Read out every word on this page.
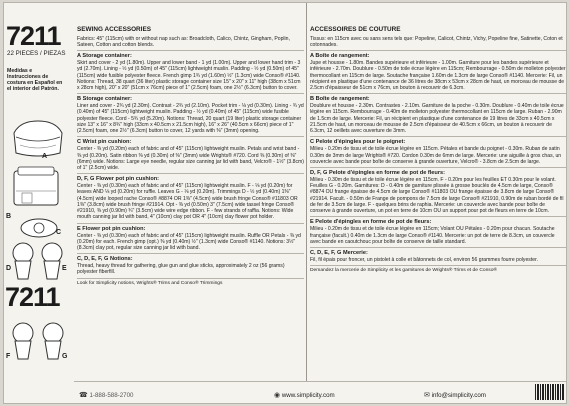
7211
22 PIECES / PIEZAS
Medidas e Instrucciones de costura en Español en el interior del Patrón.
A
B
C
D	E
7211
F	G
SEWING ACCESSORIES
Fabrics: 45" (115cm) with or without nap such as: Broadcloth, Calico, Chintz, Gingham, Poplin, Sateen, Cotton and cotton blends.
A Storage container:
Skirt and cover - 2 yd (1.80m). Upper and lower band - 1 yd (1.00m). Upper and lower hand trim - 3 yd (2.70m). Lining - ½ yd (0.50m) of 45" (115cm) lightweight muslin. Padding - ½ yd (0.50m) of 45" (115cm) wide fusible polyester fleece. French gimp 1¾ yd (1.60m) ½" (1.3cm) wide Conso® #1140. Notions: Thread, 38 quart (36 liter) plastic storage container size 15" x 20" x 11" high (38cm x 51cm x 28cm high), 20" x 20" (51cm x 76cm) piece of 1" (2.5cm) foam, one 2½" (6.3cm) button to cover.
B Storage container:
Liner and cover - 2¾ yd (2.30m). Contrast - 2¾ yd (2.10m). Pocket trim - ⅛ yd (0.30m). Lining - ¾ yd (0.40m) of 45" (115cm) lightweight muslin. Padding - ½ yd (0.40m) of 45" (115cm) wide fusible polyester fleece. Cord - 5¾ yd (5.20m). Notions: Thread, 20 quart (19 liter) plastic storage container size 13" x 16" x 8¾" high (33cm x 40.5cm x 21.5cm high), 16" x 26" (40.5cm x 66cm) piece of 1" (2.5cm) foam, one 2½" (6.3cm) button to cover, 12 yards with ⅜" (3mm) opening.
C Wrist pin cushion:
Center - ⅜ yd (0.20m) each of fabric and of 45" (115cm) lightweight muslin. Petals and wrist band - ⅜ yd (0.20m). Satin ribbon ⅜ yd (0.30m) of ⅜" (3mm) wide Wrights® #720. Cord ⅜ (0.30m) of ⅜" (6mm) wide. Notions: Large eye needle, regular size canning jar lid with band, Velcro® - 1½" (3.8cm) of 1" (2.5cm) wide.
D, F, G Flower pot pin cushion:
Center - ⅜ yd (0.30m) each of fabric and of 45" (115cm) lightweight muslin. F - ⅛ yd (0.20m) for leaves AND ⅛ yd (0.20m) for ruffle. Leaves G - ⅛ yd (0.20m). Trimmings D - ½ yd (0.40m) 1⅜" (4.5cm) wide looped rache Conso® #8874 OR 1⅜" (4.5cm) wide brush fringe Conso® #11803 OR 1⅜" (3.8cm) wide brush fringe #21914. Opt - ⅜ yd (0.50m) 3" (7.5cm) wide tassel fringe Conso® #21910, ⅜ yd (0.90m) ¾" (3.5cm) wide wire edge ribbon. F - few strands of raffia. Notions: Wide mouth canning jar lid with band, 4" (10cm) clay pot OR 4" (10cm) clay flower pot holder.
E Flower pot pin cushion:
Center - ⅜ yd (0.30m) each of fabric and of 45" (115cm) lightweight muslin. Ruffle OR Petals - ⅜ yd (0.20m) for each. French gimp (opt.) ⅜ yd (0.40m) ½" (1.3cm) wide Conso® #1140. Notions: 3½" (8.3cm) clay pot, regular size canning jar lid with band.
C, D, E, F, G Notions:
Thread, heavy thread for gathering, glue gun and glue sticks, approximately 2 oz (56 grams) polyester fiberfill.
Look for Simplicity notions, Wrights® Trims and Conso® Trimmings
ACCESSOIRES DE COUTURE
Tissus: en 115cm avec ou sans sens tels que: Popeline, Calicot, Chintz, Vichy, Popeline fine, Satinette, Coton et cotonnades.
A Boîte de rangement:
Jupe et housse - 1.80m. Bandes supérieure et inférieure - 1.00m. Garniture pour les bandes supérieure et inférieure - 2.70m. Doublure - 0.50m de toile écrue légère en 115cm; Rembourrage - 0.50m de molleton polyester thermocollant en 115cm de large. Soutache française 1.60m de 1.3cm de large Conso® #1140. Mercerie: Fil, un récipient en plastique d'une contenance de 36 litres de 38cm x 53cm x 28cm de haut, un morceau de mousse de 2.5cm d'épaisseur de 51cm x 76cm, un bouton à recouvrir de 6.3cm.
B Boîte de rangement:
Doublure et housse - 2.30m. Contrastes - 2.10m. Garniture de la poche - 0.30m. Doublure - 0.40m de toile écrue légère en 115cm. Rembourrage - 0.40m de molleton polyester thermocollant en 115cm de large. Ruban - 2.90m de 1.5cm de large. Mercerie: Fil, un récipient en plastique d'une contenance de 19 litres de 33cm x 40.5cm x 21.5cm de haut, un morceau de mousse de 2.5cm d'épaisseur de 40.5cm x 66cm, un bouton à recouvrir de 6.3cm, 12 oeillets avec ouverture de 3mm.
C Pelote d'épingles pour le poignet:
Milieu - 0.20m de tissu et de toile écrue légère en 115cm. Pétales et bande du poignet - 0.30m. Ruban de satin 0.30m de 3mm de large Wrights® #720. Cordon 0.30m de 6mm de large. Mercerie: une aiguille à gros chas, un couvercle avec bande pour boîte de conserve à grande ouverture, Velcro® - 3.8cm de 2.5cm de large.
D, F, G Pelote d'épingles en forme de pot de fleurs:
Milieu - 0.30m de tissu et de toile écrue légère en 115cm. F - 0.20m pour les feuilles ET 0.30m pour le volant. Feuilles G - 0.20m. Garnitures: D - 0.40m de garniture plissée à grosse bouclés de 4.5cm de large, Conso® #8874 OU frange épaisse de 4.5cm de large Conso® #11803 OU frange épaisse de 3.8cm de large Conso® #21914. Facult. - 0.50m de Frange de pompons de 7.5cm de large Conso® #21910, 0.90m de ruban bordé de fil de fer de 3.5cm de large. F - quelques brins de raphia. Mercerie: un couvercle avec bande pour boîte de conserve à grande ouverture, un pot en terre de 10cm OU un support pour pot de fleurs en terre de 10cm.
E Pelote d'épingles en forme de pot de fleurs:
Milieu - 0.20m de tissu et de toile écrue légère en 115cm; Volant OU Pétales - 0.20m pour chacun. Soutache française (facult.) 0.40m de 1.3cm de large Conso® #1140. Mercerie: un pot de terre de 8.3cm, un couvercle avec bande en caoutchouc pour boîte de conserve de taille standard.
C, D, E, F, G Mercerie:
Fil, fil épais pour froncer, un pistolet à colle et bâtonnets de col, environ 56 grammes fourre polyester.
Demandez la mercerie de Simplicity et les garnitures de Wrights® Trims et de Conso®
☎ 1-888-588-2700	◉ www.simplicity.com	✉ info@simplicity.com
